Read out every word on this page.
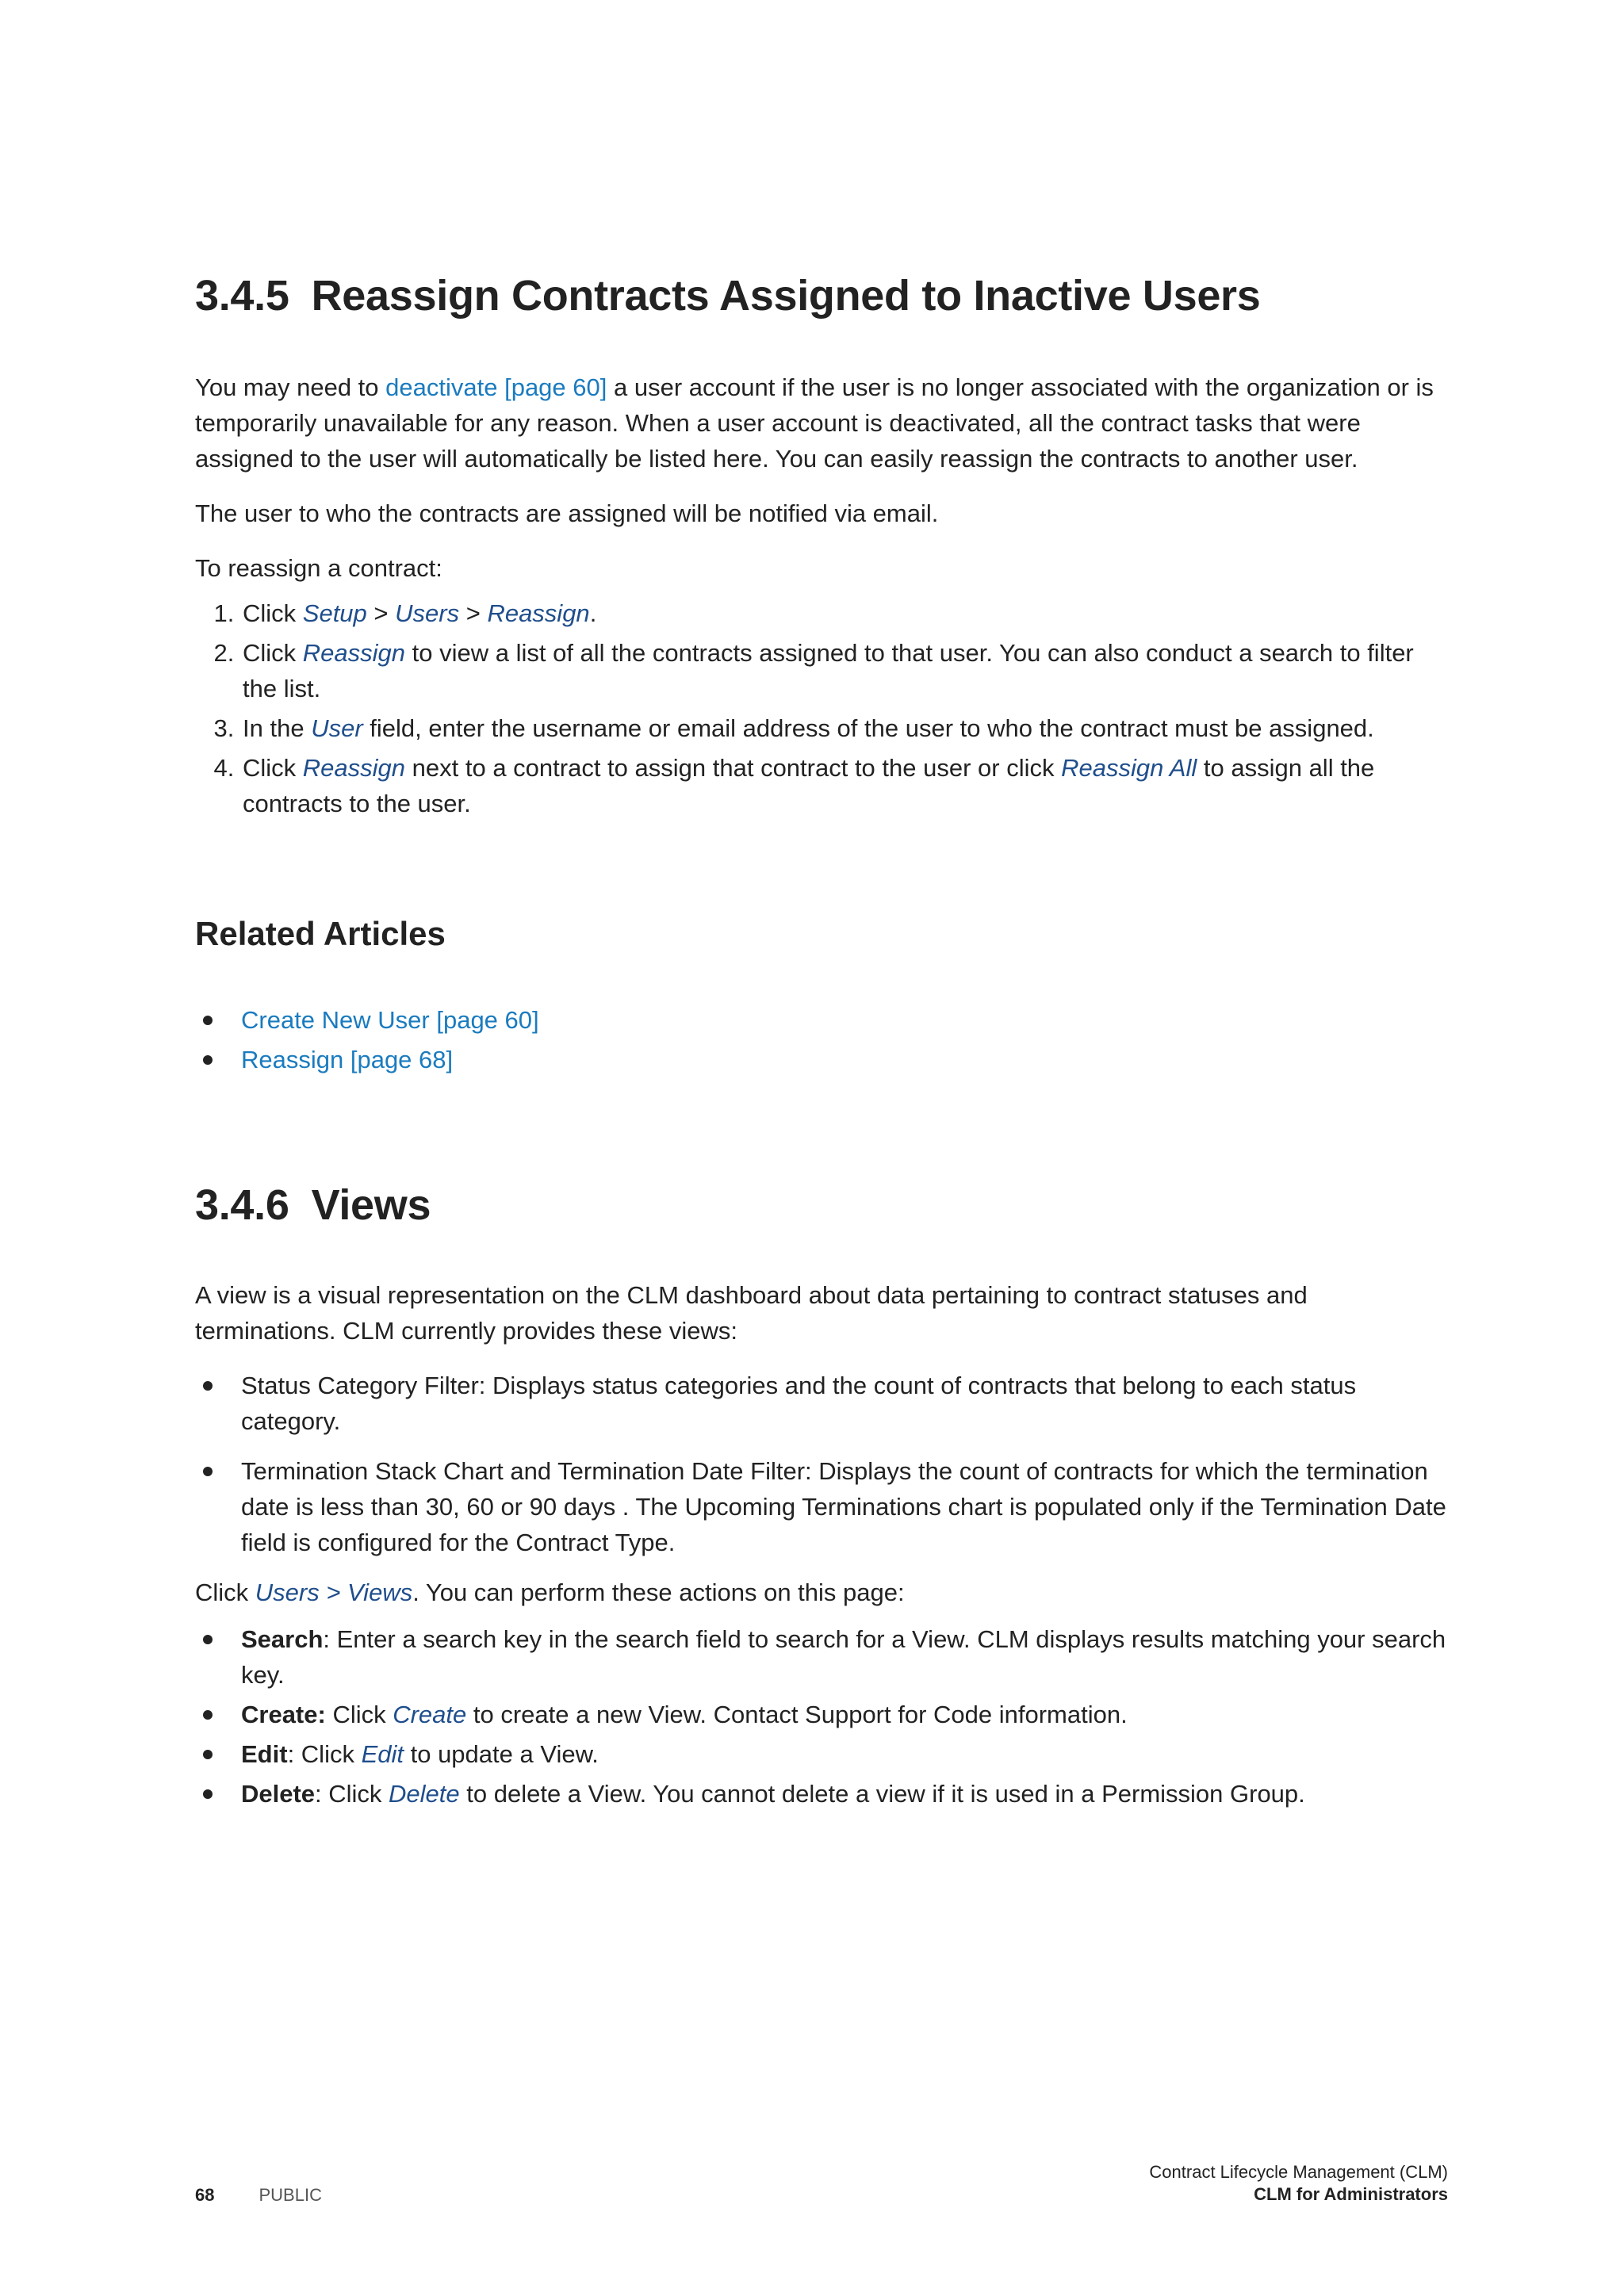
3.4.5 Reassign Contracts Assigned to Inactive Users

You may need to deactivate [page 60] a user account if the user is no longer associated with the organization or is temporarily unavailable for any reason. When a user account is deactivated, all the contract tasks that were assigned to the user will automatically be listed here. You can easily reassign the contracts to another user.

The user to who the contracts are assigned will be notified via email.

To reassign a contract:

1. Click Setup > Users > Reassign.
2. Click Reassign to view a list of all the contracts assigned to that user. You can also conduct a search to filter the list.
3. In the User field, enter the username or email address of the user to who the contract must be assigned.
4. Click Reassign next to a contract to assign that contract to the user or click Reassign All to assign all the contracts to the user.
Related Articles
Create New User [page 60]
Reassign [page 68]
3.4.6 Views

A view is a visual representation on the CLM dashboard about data pertaining to contract statuses and terminations. CLM currently provides these views:

Status Category Filter: Displays status categories and the count of contracts that belong to each status category.
Termination Stack Chart and Termination Date Filter: Displays the count of contracts for which the termination date is less than 30, 60 or 90 days . The Upcoming Terminations chart is populated only if the Termination Date field is configured for the Contract Type.

Click Users > Views. You can perform these actions on this page:

Search: Enter a search key in the search field to search for a View. CLM displays results matching your search key.
Create: Click Create to create a new View. Contact Support for Code information.
Edit: Click Edit to update a View.
Delete: Click Delete to delete a View. You cannot delete a view if it is used in a Permission Group.
68	PUBLIC
Contract Lifecycle Management (CLM)
CLM for Administrators
